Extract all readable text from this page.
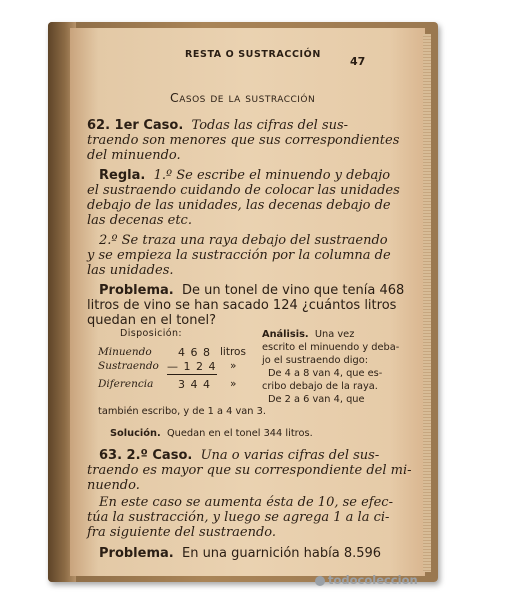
RESTA O SUSTRACCIÓN
47
Casos de la sustracción
62. 1er Caso. Todas las cifras del sus-
traendo son menores que sus correspondientes
del minuendo.
Regla. 1.º Se escribe el minuendo y debajo
el sustraendo cuidando de colocar las unidades
debajo de las unidades, las decenas debajo de
las decenas etc.
2.º Se traza una raya debajo del sustraendo
y se empieza la sustracción por la columna de
las unidades.
Problema. De un tonel de vino que tenía 468
litros de vino se han sacado 124 ¿cuántos litros
quedan en el tonel?
Disposición:
Minuendo 4 6 8 litros
Sustraendo — 1 2 4 »
Diferencia 3 4 4 »
Análisis. Una vez
escrito el minuendo y deba-
jo el sustraendo digo:
De 4 a 8 van 4, que es-
cribo debajo de la raya.
De 2 a 6 van 4, que
también escribo, y de 1 a 4 van 3.
Solución. Quedan en el tonel 344 litros.
63. 2.º Caso. Una o varias cifras del sus-
traendo es mayor que su correspondiente del mi-
nuendo.
En este caso se aumenta ésta de 10, se efec-
túa la sustracción, y luego se agrega 1 a la ci-
fra siguiente del sustraendo.
Problema. En una guarnición había 8.596
todocoleccion
